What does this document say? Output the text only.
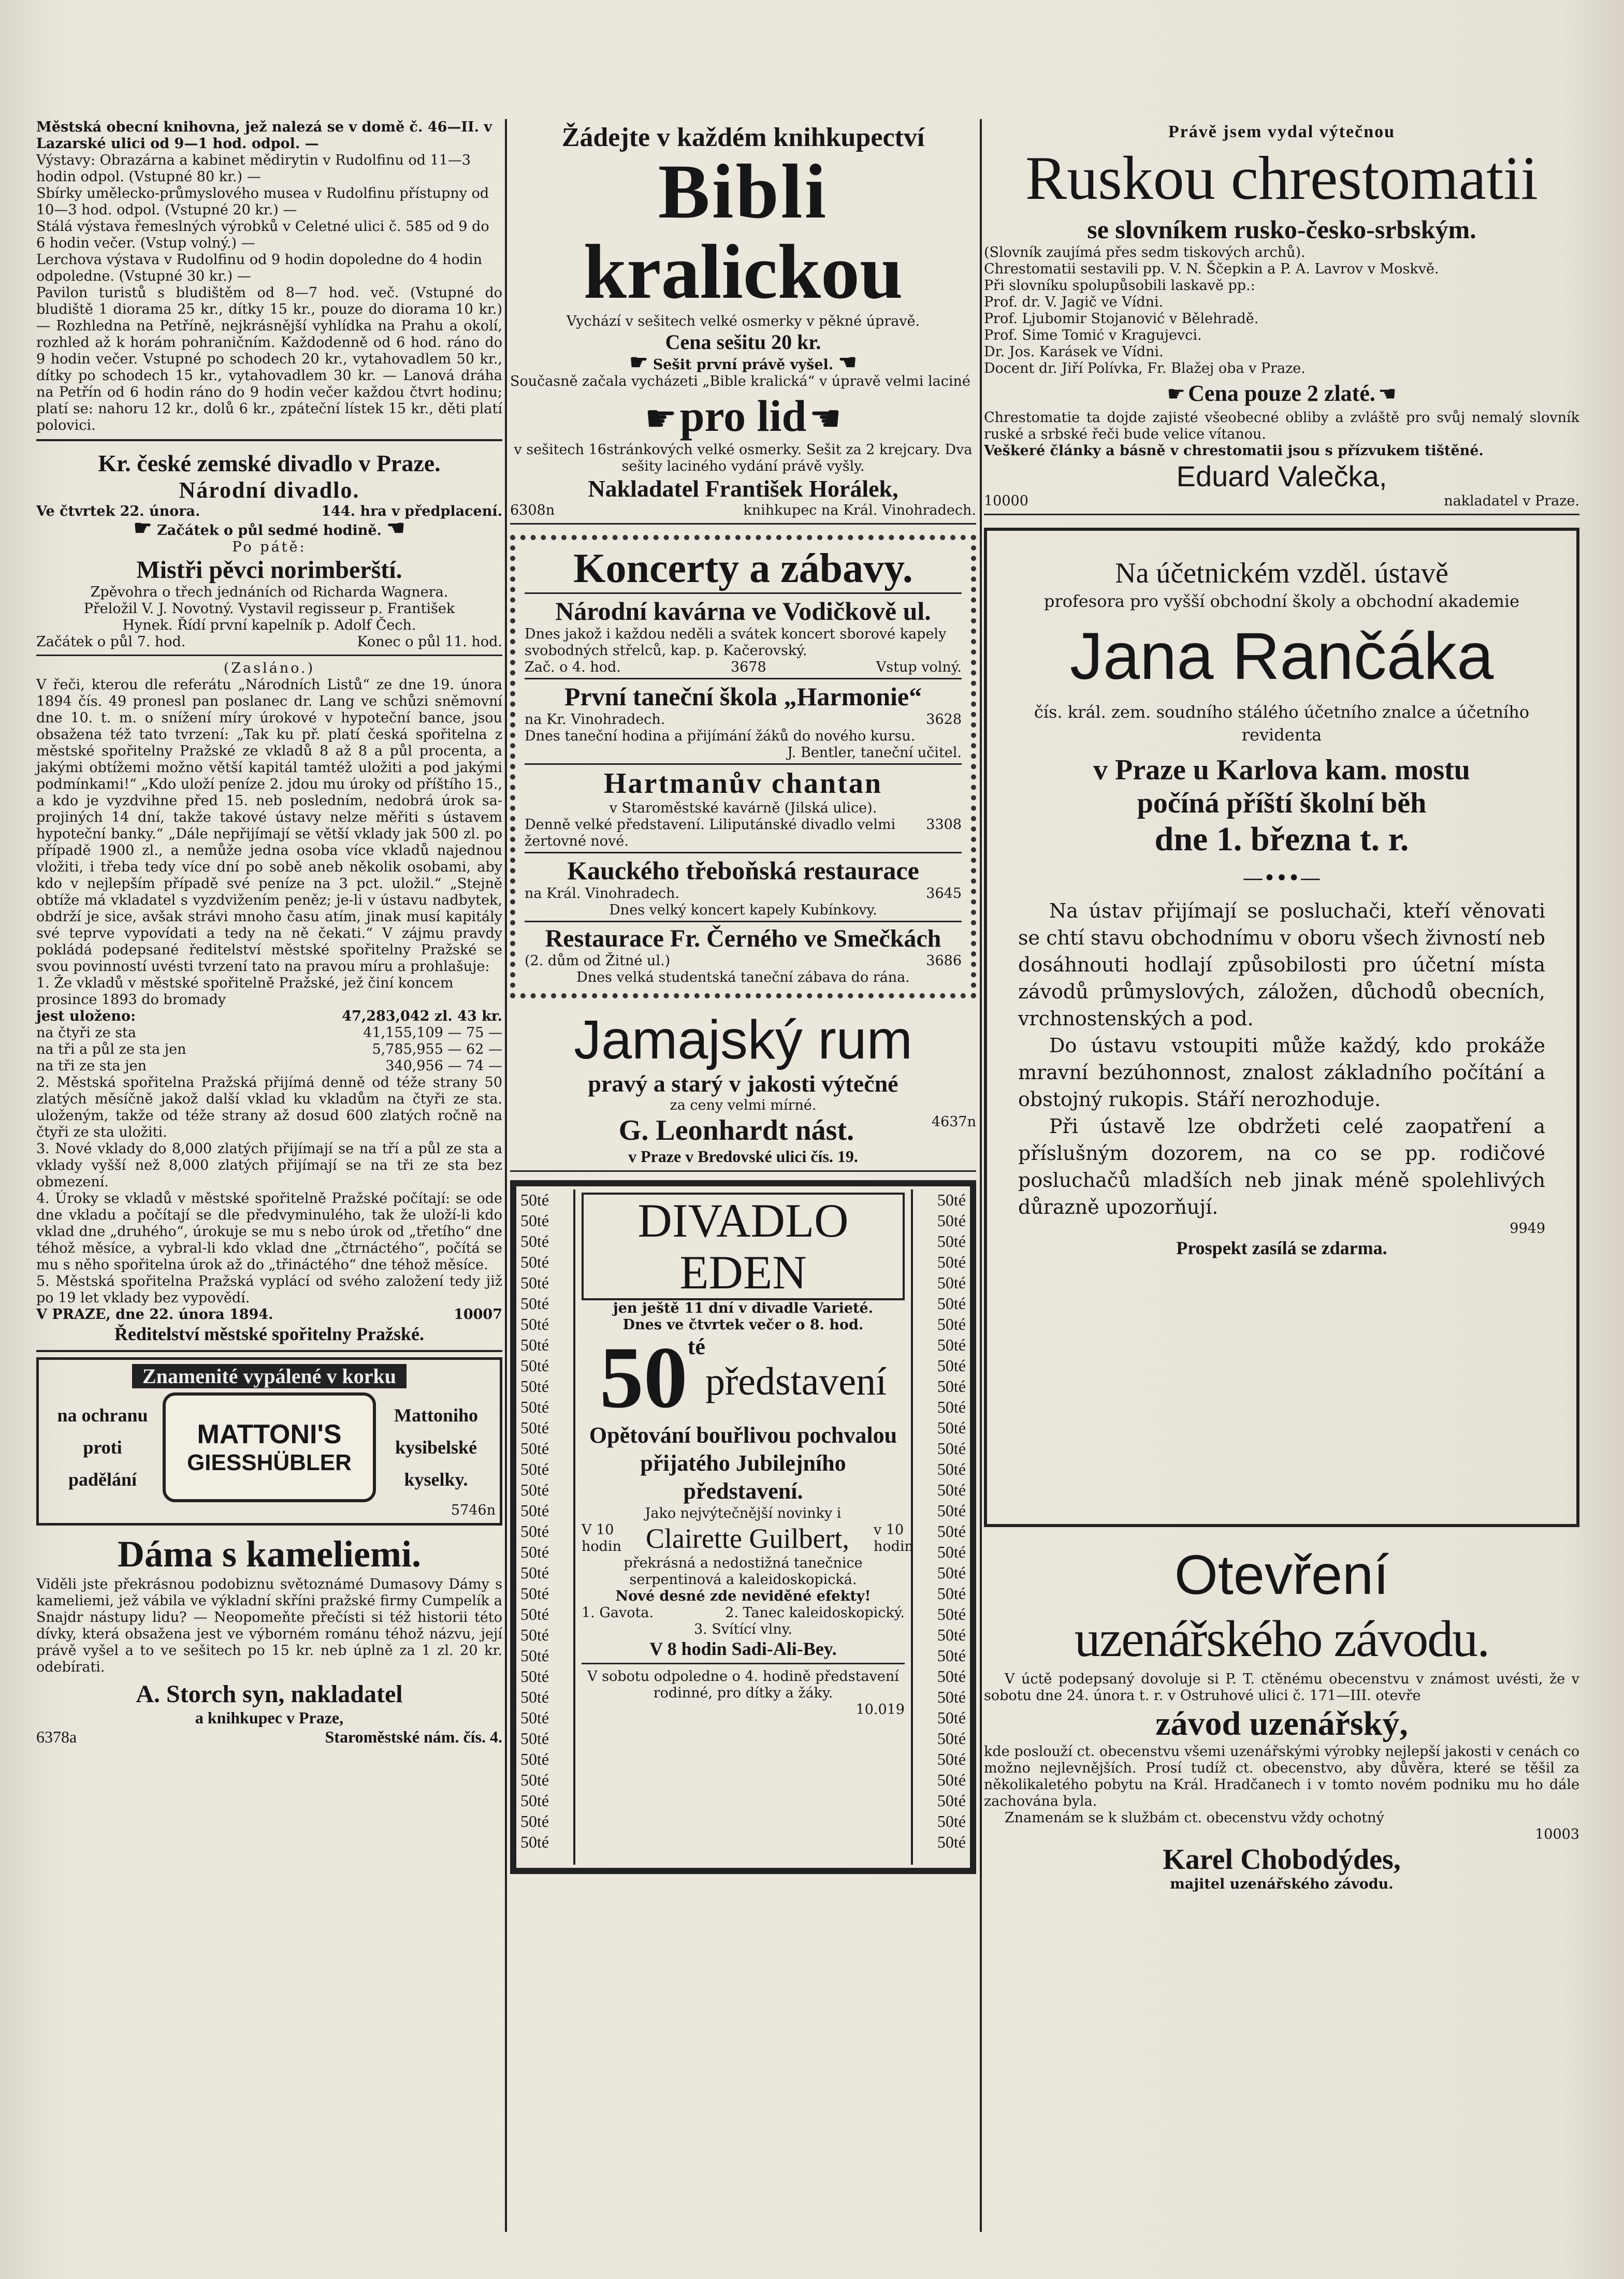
Městská obecní knihovna, jež nalezá se v domě č. 46—II. v Lazarské ulici od 9—1 hod. odpol. —

Výstavy: Obrazárna a kabinet mědirytin v Rudolfinu od 11—3 hodin odpol. (Vstupné 80 kr.) —

Sbírky umělecko-průmyslového musea v Rudolfinu přístupny od 10—3 hod. odpol. (Vstupné 20 kr.) —

Stálá výstava řemeslných výrobků v Celetné ulici č. 585 od 9 do 6 hodin večer. (Vstup volný.) —

Lerchova výstava v Rudolfinu od 9 hodin dopoledne do 4 hodin odpoledne. (Vstupné 30 kr.) —

Pavilon turistů s bludištěm od 8—7 hod. več. (Vstupné do bludiště 1 diorama 25 kr., dítky 15 kr., pouze do diorama 10 kr.) — Rozhledna na Petříně, nejkrásnější vyhlídka na Prahu a okolí, rozhled až k horám pohraničním. Každodenně od 6 hod. ráno do 9 hodin večer. Vstupné po schodech 20 kr., vytahovadlem 50 kr., dítky po schodech 15 kr., vytahovadlem 30 kr. — Lanová dráha na Petřín od 6 hodin ráno do 9 hodin večer každou čtvrt hodinu; platí se: nahoru 12 kr., dolů 6 kr., zpáteční lístek 15 kr., děti platí polovici.

Kr. české zemské divadlo v Praze.
Národní divadlo.
Ve čtvrtek 22. února.	144. hra v předplacení.
☛ Začátek o půl sedmé hodině. ☚
Po pátě:
Mistři pěvci norimberští.

Zpěvohra o třech jednáních od Richarda Wagnera.

Přeložil V. J. Novotný. Vystavil regisseur p. František

Hynek. Řídí první kapelník p. Adolf Čech.

Začátek o půl 7. hod.	Konec o půl 11. hod.
(Zasláno.)

V řeči, kterou dle referátu „Národních Listů“ ze dne 19. února 1894 čís. 49 pronesl pan poslanec dr. Lang ve schůzi sněmovní dne 10. t. m. o snížení míry úrokové v hypoteční bance, jsou obsažena též tato tvrzení: „Tak ku př. platí česká spořitelna z městské spořitelny Pražské ze vkladů 8 až 8 a půl procenta, a jakými obtížemi možno větší kapitál tamtéž uložiti a pod jakými podmínkami!“ „Kdo uloží peníze 2. jdou mu úroky od příštího 15., a kdo je vyzdvihne před 15. neb posledním, nedobrá úrok sa-projiných 14 dní, takže takové ústavy nelze měřiti s ústavem hypoteční banky.“ „Dále nepřijímají se větší vklady jak 500 zl. po případě 1900 zl., a nemůže jedna osoba více vkladů najednou vložiti, i třeba tedy více dní po sobě aneb několik osobami, aby kdo v nejlepším případě své peníze na 3 pct. uložil.“ „Stejně obtíže má vkladatel s vyzdvižením peněz; je-li v ústavu nadbytek, obdrží je sice, avšak strávi mnoho času atím, jinak musí kapitály své teprve vypovídati a tedy na ně čekati.“ V zájmu pravdy pokládá podepsané ředitelství městské spořitelny Pražské se svou povinností uvésti tvrzení tato na pravou míru a prohlašuje:

1. Že vkladů v městské spořitelně Pražské, jež činí koncem prosince 1893 do bromady

jest uloženo:	47,283,042 zl. 43 kr.
na čtyři ze sta	41,155,109 — 75 —
na tři a půl ze sta jen	5,785,955 — 62 —
na tři ze sta jen	340,956 — 74 —

2. Městská spořitelna Pražská přijímá denně od téže strany 50 zlatých měsíčně jakož další vklad ku vkladům na čtyři ze sta. uloženým, takže od téže strany až dosud 600 zlatých ročně na čtyři ze sta uložiti.

3. Nové vklady do 8,000 zlatých přijímají se na tří a půl ze sta a vklady vyšší než 8,000 zlatých přijímají se na tři ze sta bez obmezení.

4. Úroky se vkladů v městské spořitelně Pražské počítají: se ode dne vkladu a počítají se dle předvyminulého, tak že uloží-li kdo vklad dne „druhého“, úrokuje se mu s nebo úrok od „třetího“ dne téhož měsíce, a vybral-li kdo vklad dne „čtrnáctého“, počítá se mu s něho spořitelna úrok až do „třináctého“ dne téhož měsíce.

5. Městská spořitelna Pražská vyplácí od svého založení tedy již po 19 let vklady bez vypovědí.

V PRAZE, dne 22. února 1894.	10007
Ředitelství městské spořitelny Pražské.
Znamenité vypálené v korku
na ochranu
proti
padělání
MATTONI'S
GIESSHÜBLER
Mattoniho
kysibelské
kyselky.
5746n
Dáma s kameliemi.

Viděli jste překrásnou podobiznu světoznámé Dumasovy Dámy s kameliemi, jež vábila ve výkladní skříni pražské firmy Cumpelík a Snajdr nástupy lidu? — Neopomeňte přečísti si též historii této dívky, která obsažena jest ve výborném románu téhož názvu, její právě vyšel a to ve sešitech po 15 kr. neb úplně za 1 zl. 20 kr. odebírati.

A. Storch syn, nakladatel
a knihkupec v Praze,
6378a	Staroměstské nám. čís. 4.
Žádejte v každém knihkupectví
Bibli
kralickou

Vychází v sešitech velké osmerky v pěkné úpravě.

Cena sešitu 20 kr.
☛ Sešit první právě vyšel. ☚

Současně začala vycházeti „Bible kralická“ v úpravě velmi laciné

☛ pro lid ☚

v sešitech 16stránkových velké osmerky. Sešit za 2 krejcary. Dva sešity laciného vydání právě vyšly.

Nakladatel František Horálek,
6308n	knihkupec na Král. Vinohradech.
Koncerty a zábavy.
Národní kavárna ve Vodičkově ul.

Dnes jakož i každou neděli a svátek koncert sborové kapely svobodných střelců, kap. p. Kačerovský.

Zač. o 4. hod.	3678	Vstup volný.
První taneční škola „Harmonie“
na Kr. Vinohradech.	3628

Dnes taneční hodina a přijímání žáků do nového kursu.

J. Bentler, taneční učitel.
Hartmanův chantan

v Staroměstské kavárně (Jilská ulice).

Denně velké představení. Liliputánské divadlo velmi žertovné nové.
3308
Kauckého třeboňská restaurace
na Král. Vinohradech.	3645

Dnes velký koncert kapely Kubínkovy.

Restaurace Fr. Černého ve Smečkách
(2. dům od Žitné ul.)	3686

Dnes velká studentská taneční zábava do rána.

Jamajský rum
pravý a starý v jakosti výtečné
za ceny velmi mírné.
G. Leonhardt nást.	4637n
v Praze v Bredovské ulici čís. 19.
50té
50té
50té
50té
50té
50té
50té
50té
50té
50té
50té
50té
50té
50té
50té
50té
50té
50té
50té
50té
50té
50té
50té
50té
50té
50té
50té
50té
50té
50té
50té
50té
50té
50té
50té
50té
50té
50té
50té
50té
50té
50té
50té
50té
50té
50té
50té
50té
50té
50té
50té
50té
50té
50té
50té
50té
50té
50té
50té
50té
50té
50té
50té
50té
DIVADLO EDEN

jen ještě 11 dní v divadle Varieté.

Dnes ve čtvrtek večer o 8. hod.

50 té
představení
Opětování bouřlivou pochvalou přijatého Jubilejního představení.

Jako nejvýtečnější novinky i

V 10
hodin Clairette Guilbert, v 10 hodin

překrásná a nedostižná tanečnice serpentinová a kaleidoskopická.

Nové desné zde neviděné efekty!

1. Gavota.	2. Tanec kaleidoskopický.
3. Svítící vlny.
V 8 hodin Sadi-Ali-Bey.

V sobotu odpoledne o 4. hodině představení rodinné, pro dítky a žáky.

10.019
Právě jsem vydal výtečnou
Ruskou chrestomatii
se slovníkem rusko-česko-srbským.

(Slovník zaujímá přes sedm tiskových archů).

Chrestomatii sestavili pp. V. N. Ščepkin a P. A. Lavrov v Moskvě.

Při slovníku spolupůsobili laskavě pp.:

Prof. dr. V. Jagič ve Vídni.

Prof. Ljubomir Stojanović v Bělehradě.

Prof. Sime Tomić v Kragujevci.

Dr. Jos. Karásek ve Vídni.

Docent dr. Jiří Polívka, Fr. Blažej oba v Praze.

☛ Cena pouze 2 zlaté. ☚

Chrestomatie ta dojde zajisté všeobecné obliby a zvláště pro svůj nemalý slovník ruské a srbské řeči bude velice vítanou.

Veškeré články a básně v chrestomatii jsou s přízvukem tištěné.

Eduard Valečka,
10000	nakladatel v Praze.
Na účetnickém vzděl. ústavě

profesora pro vyšší obchodní školy a obchodní akademie

Jana Rančáka

čís. král. zem. soudního stálého účetního znalce a účetního revidenta

v Praze u Karlova kam. mostu
počíná příští školní běh
dne 1. března t. r.
—•••—

Na ústav přijímají se posluchači, kteří věnovati se chtí stavu obchodnímu v oboru všech živností neb dosáhnouti hodlají způsobilosti pro účetní místa závodů průmyslových, záložen, důchodů obecních, vrchnostenských a pod.

Do ústavu vstoupiti může každý, kdo prokáže mravní bezúhonnost, znalost základního počítání a obstojný rukopis. Stáří nerozhoduje.

Při ústavě lze obdržeti celé zaopatření a příslušným dozorem, na co se pp. rodičové posluchačů mladších neb jinak méně spolehlivých důrazně upozorňují.

9949
Prospekt zasílá se zdarma.
Otevření
uzenářského závodu.

V úctě podepsaný dovoluje si P. T. ctěnému obecenstvu v známost uvésti, že v sobotu dne 24. února t. r. v Ostruhové ulici č. 171—III. otevře

závod uzenářský,

kde poslouží ct. obecenstvu všemi uzenářskými výrobky nejlepší jakosti v cenách co možno nejlevnějších. Prosí tudíž ct. obecenstvo, aby důvěra, které se těšil za několikaletého pobytu na Král. Hradčanech i v tomto novém podniku mu ho dále zachována byla.

Znamenám se k službám ct. obecenstvu vždy ochotný

10003
Karel Chobodýdes,
majitel uzenářského závodu.
